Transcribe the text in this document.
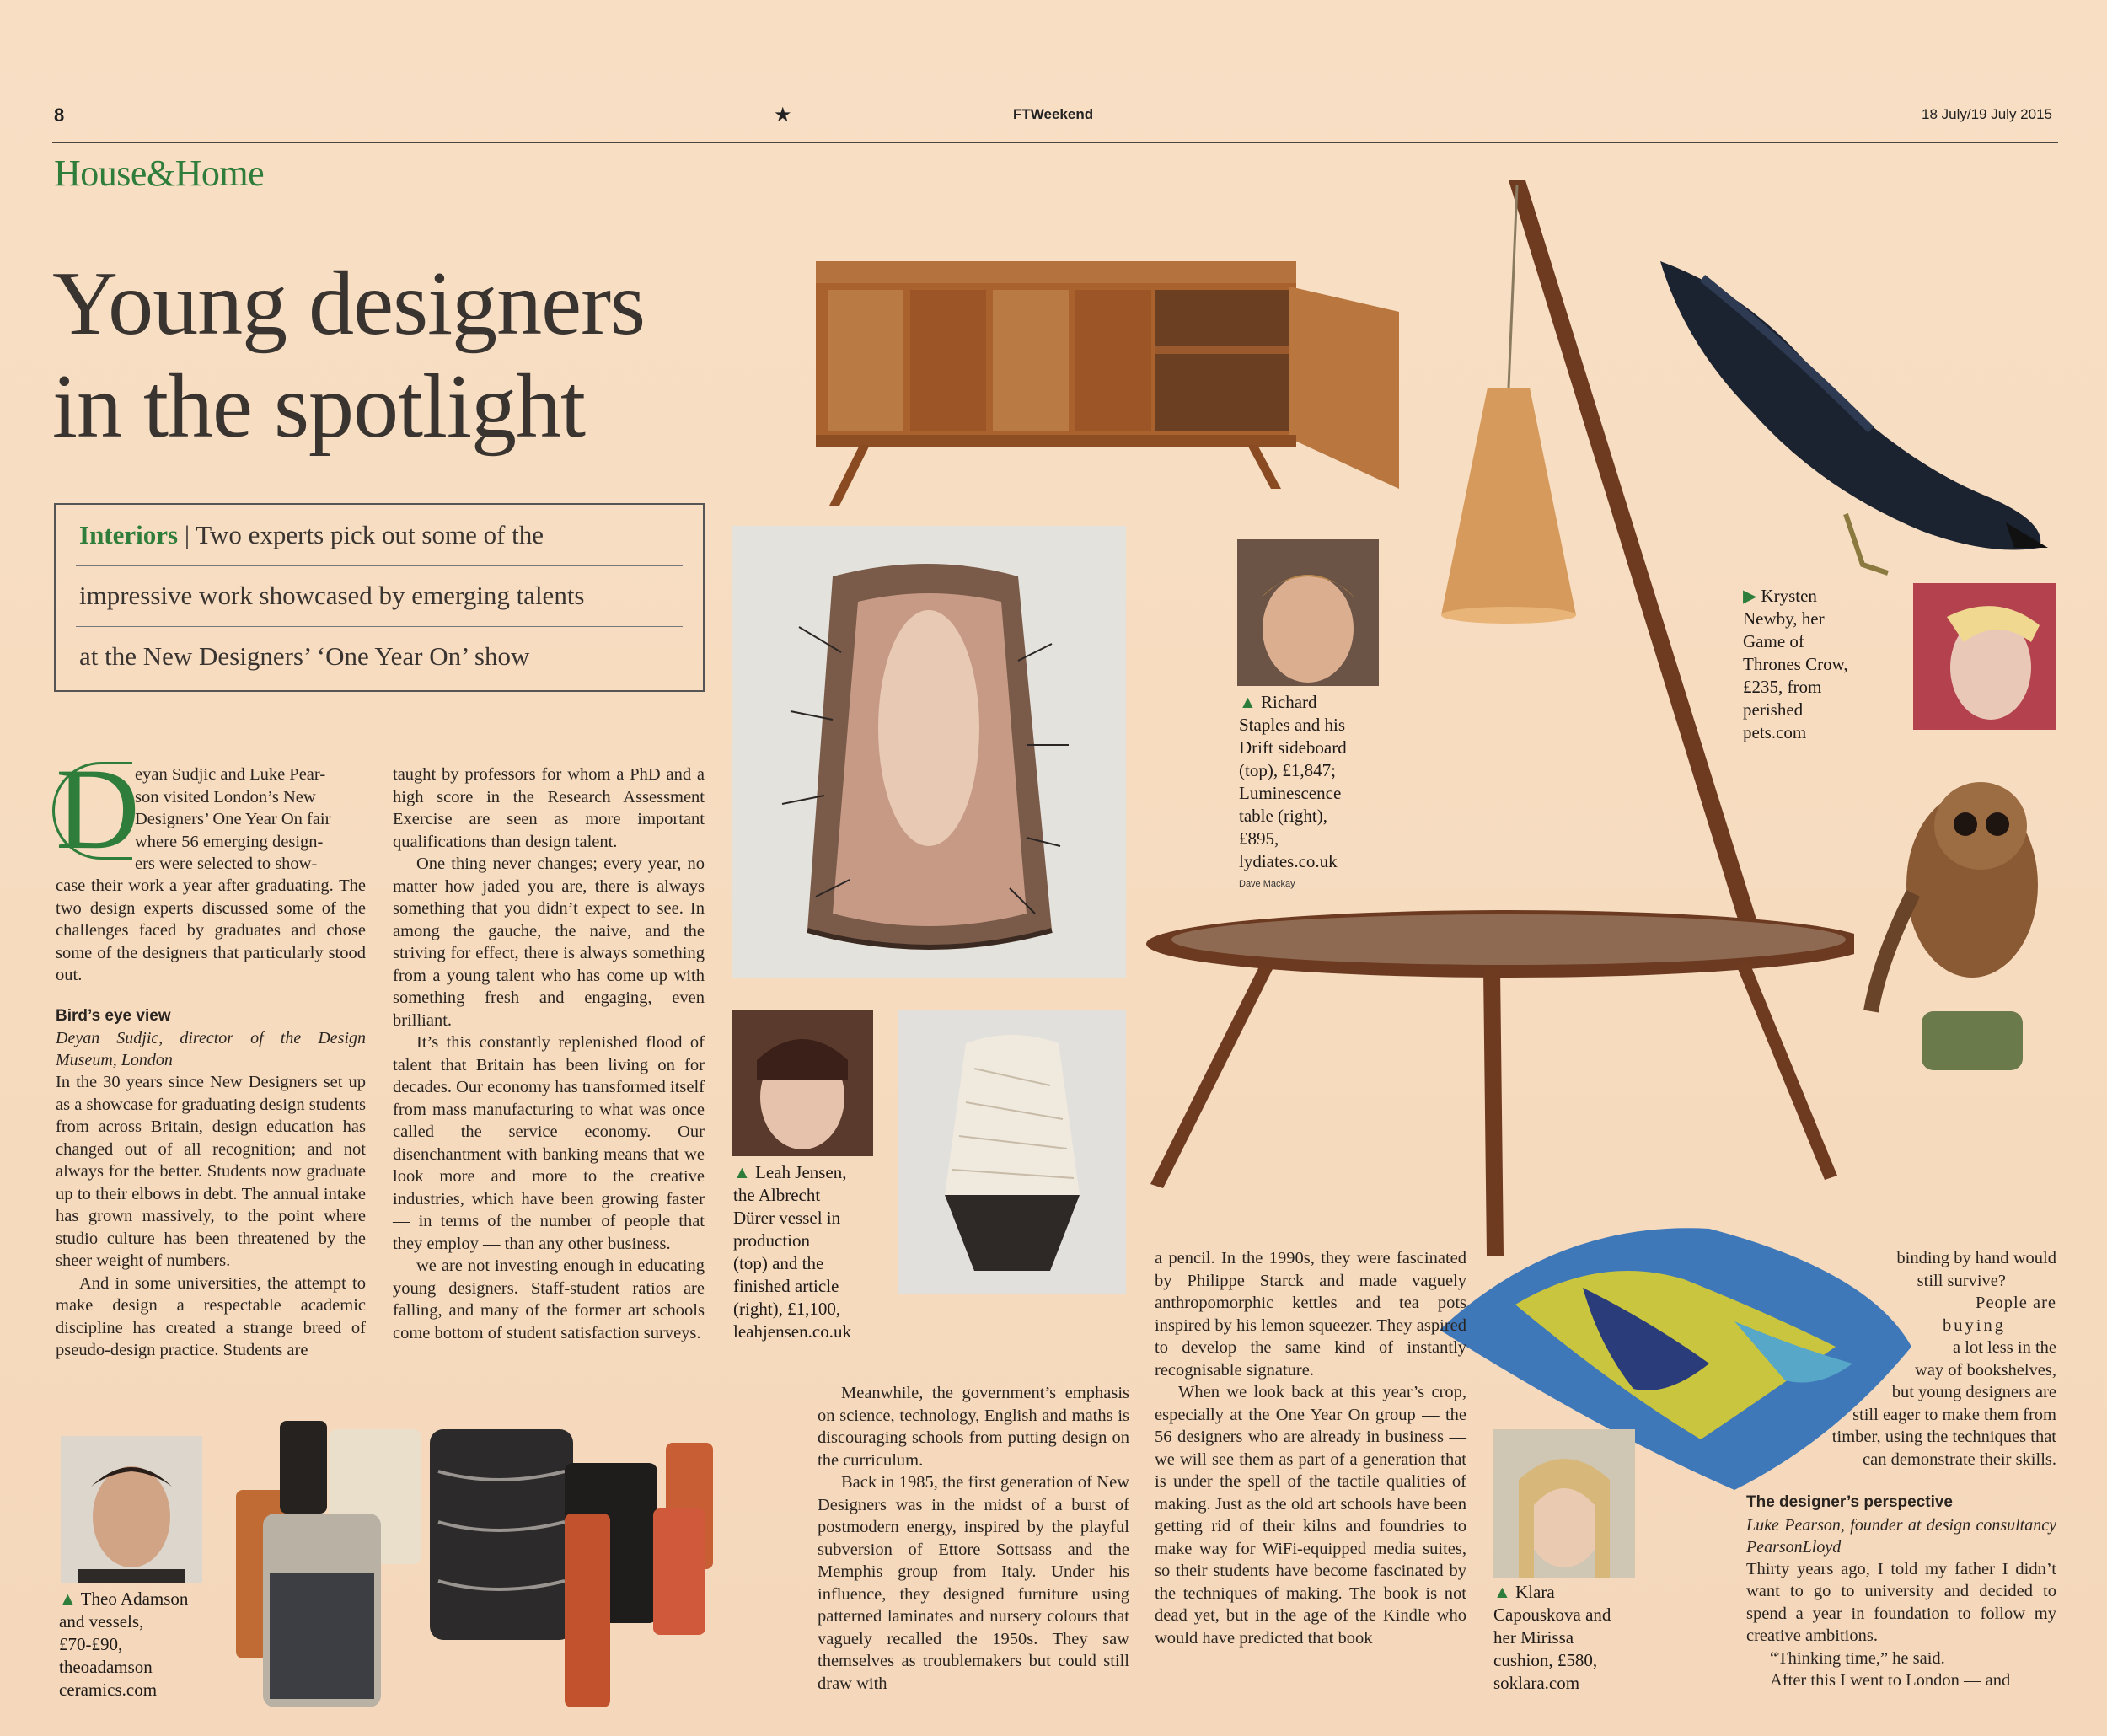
8	★	FTWeekend	18 July/19 July 2015
House&Home
Young designers
in the spotlight
Interiors | Two experts pick out some of the
impressive work showcased by emerging talents
at the New Designers’ ‘One Year On’ show
D
eyan Sudjic and Luke Pear-
son visited London’s New
Designers’ One Year On fair
where 56 emerging design-
ers were selected to show-

case their work a year after graduating. The two design experts discussed some of the challenges faced by graduates and chose some of the designers that particularly stood out.

Bird’s eye view
Deyan Sudjic, director of the Design Museum, London

In the 30 years since New Designers set up as a showcase for graduating design students from across Britain, design education has changed out of all recognition; and not always for the better. Students now graduate up to their elbows in debt. The annual intake has grown massively, to the point where studio culture has been threatened by the sheer weight of numbers.

And in some universities, the attempt to make design a respectable academic discipline has created a strange breed of pseudo-design practice. Students are

taught by professors for whom a PhD and a high score in the Research Assessment Exercise are seen as more important qualifications than design talent.

One thing never changes; every year, no matter how jaded you are, there is always something that you didn’t expect to see. In among the gauche, the naive, and the striving for effect, there is always something from a young talent who has come up with something fresh and engaging, even brilliant.

It’s this constantly replenished flood of talent that Britain has been living on for decades. Our economy has transformed itself from mass manufacturing to what was once called the service economy. Our disenchantment with banking means that we look more and more to the creative industries, which have been growing faster — in terms of the number of people that they employ — than any other business.

we are not investing enough in educating young designers. Staff-student ratios are falling, and many of the former art schools come bottom of student satisfaction surveys.

▲ Leah Jensen,
the Albrecht
Dürer vessel in
production
(top) and the
finished article
(right), £1,100,
leahjensen.co.uk
▲ Richard
Staples and his
Drift sideboard
(top), £1,847;
Luminescence
table (right),
£895,
lydiates.co.uk
Dave Mackay
▶ Krysten
Newby, her
Game of
Thrones Crow,
£235, from
perished
pets.com

Meanwhile, the government’s emphasis on science, technology, English and maths is discouraging schools from putting design on the curriculum.

Back in 1985, the first generation of New Designers was in the midst of a burst of postmodern energy, inspired by the playful subversion of Ettore Sottsass and the Memphis group from Italy. Under his influence, they designed furniture using patterned laminates and nursery colours that vaguely recalled the 1950s. They saw themselves as troublemakers but could still draw with

a pencil. In the 1990s, they were fascinated by Philippe Starck and made vaguely anthropomorphic kettles and tea pots inspired by his lemon squeezer. They aspired to develop the same kind of instantly recognisable signature.

When we look back at this year’s crop, especially at the One Year On group — the 56 designers who are already in business — we will see them as part of a generation that is under the spell of the tactile qualities of making. Just as the old art schools have been getting rid of their kilns and foundries to make way for WiFi-equipped media suites, so their students have become fascinated by the techniques of making. The book is not dead yet, but in the age of the Kindle who would have predicted that book

▲ Klara
Capouskova and
her Mirissa
cushion, £580,
soklara.com
binding by hand would
still survive?
People are
buying
a lot less in the
way of bookshelves,
but young designers are
still eager to make them from
timber, using the techniques that
can demonstrate their skills.
The designer’s perspective
Luke Pearson, founder at design consultancy PearsonLloyd

Thirty years ago, I told my father I didn’t want to go to university and decided to spend a year in foundation to follow my creative ambitions.

“Thinking time,” he said.

After this I went to London — and

▲ Theo Adamson
and vessels,
£70-£90,
theoadamson
ceramics.com
